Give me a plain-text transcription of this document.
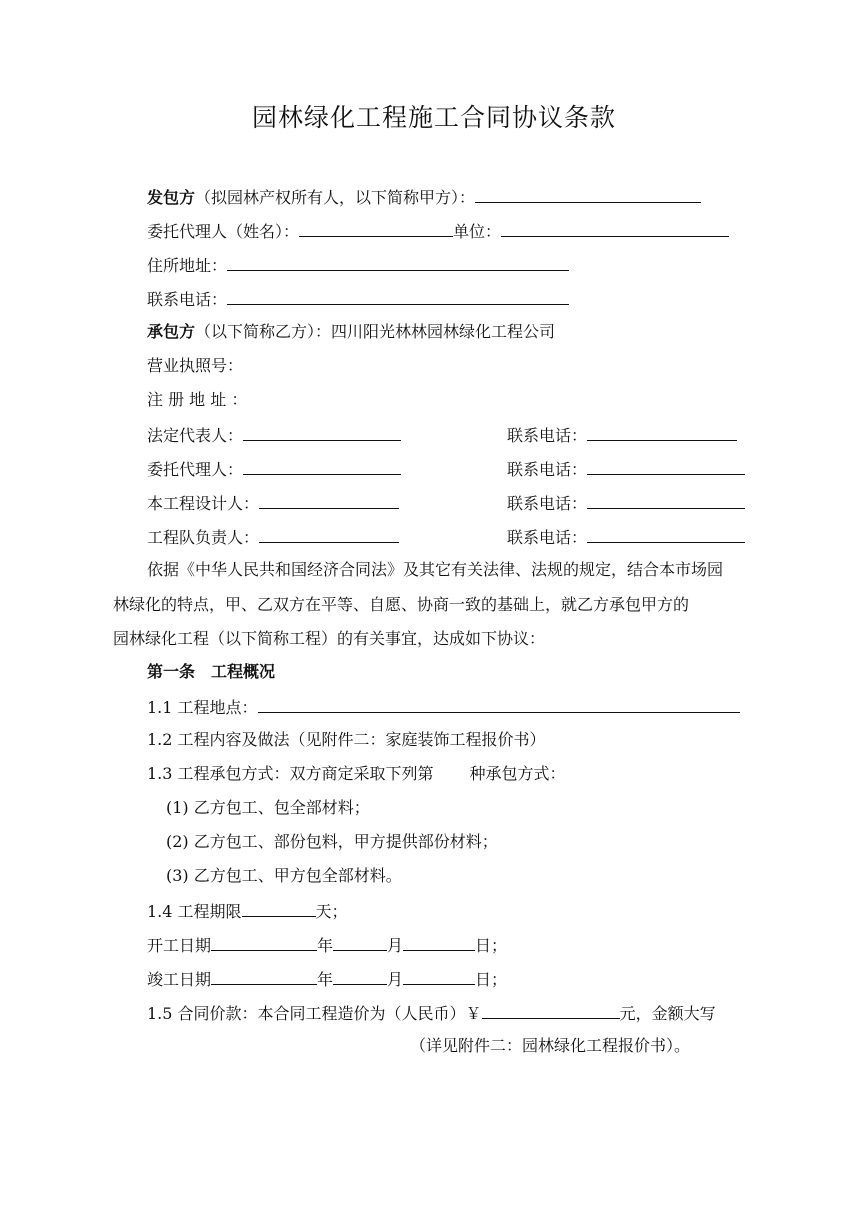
园林绿化工程施工合同协议条款
发包方（拟园林产权所有人，以下简称甲方）：
委托代理人（姓名）：	单位：
住所地址：
联系电话：
承包方（以下简称乙方）：四川阳光林林园林绿化工程公司
营业执照号：
注 册 地 址 ：
法定代表人：	联系电话：
委托代理人：	联系电话：
本工程设计人：	联系电话：
工程队负责人：	联系电话：
依据《中华人民共和国经济合同法》及其它有关法律、法规的规定，结合本市场园
林绿化的特点，甲、乙双方在平等、自愿、协商一致的基础上，就乙方承包甲方的
园林绿化工程（以下简称工程）的有关事宜，达成如下协议：
第一条　工程概况
1.1 工程地点：
1.2 工程内容及做法（见附件二：家庭装饰工程报价书）
1.3 工程承包方式：双方商定采取下列第 种承包方式：
(1) 乙方包工、包全部材料；
(2) 乙方包工、部份包料，甲方提供部份材料；
(3) 乙方包工、甲方包全部材料。
1.4 工程期限	天；
开工日期	年	月	日；
竣工日期	年	月	日；
1.5 合同价款：本合同工程造价为（人民币）￥	元，金额大写
（详见附件二：园林绿化工程报价书）。
